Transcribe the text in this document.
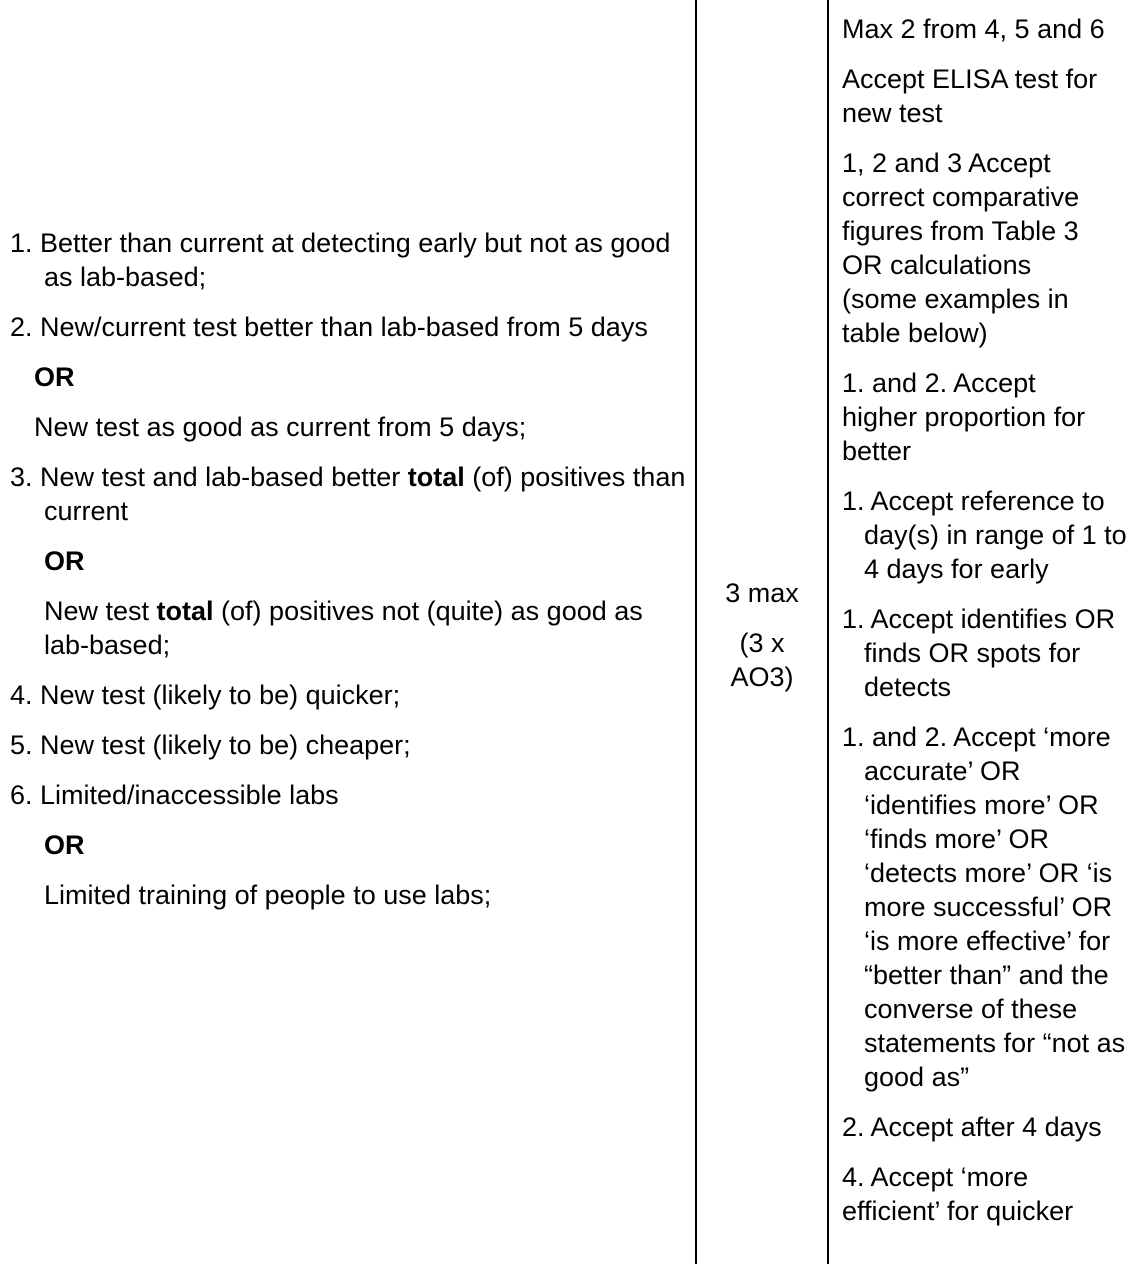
1. Better than current at detecting early but not as good as lab-based;

2. New/current test better than lab-based from 5 days

OR

New test as good as current from 5 days;

3. New test and lab-based better total (of) positives than current

OR

New test total (of) positives not (quite) as good as lab-based;

4. New test (likely to be) quicker;

5. New test (likely to be) cheaper;

6. Limited/inaccessible labs

OR

Limited training of people to use labs;

3 max

(3 x AO3)

Max 2 from 4, 5 and 6

Accept ELISA test for new test

1, 2 and 3 Accept correct comparative figures from Table 3 OR calculations (some examples in table below)

1. and 2. Accept higher proportion for better

1. Accept reference to day(s) in range of 1 to 4 days for early

1. Accept identifies OR finds OR spots for detects

1. and 2. Accept ‘more accurate’ OR ‘identifies more’ OR ‘finds more’ OR ‘detects more’ OR ‘is more successful’ OR ‘is more effective’ for “better than” and the converse of these statements for “not as good as”

2. Accept after 4 days

4. Accept ‘more efficient’ for quicker
